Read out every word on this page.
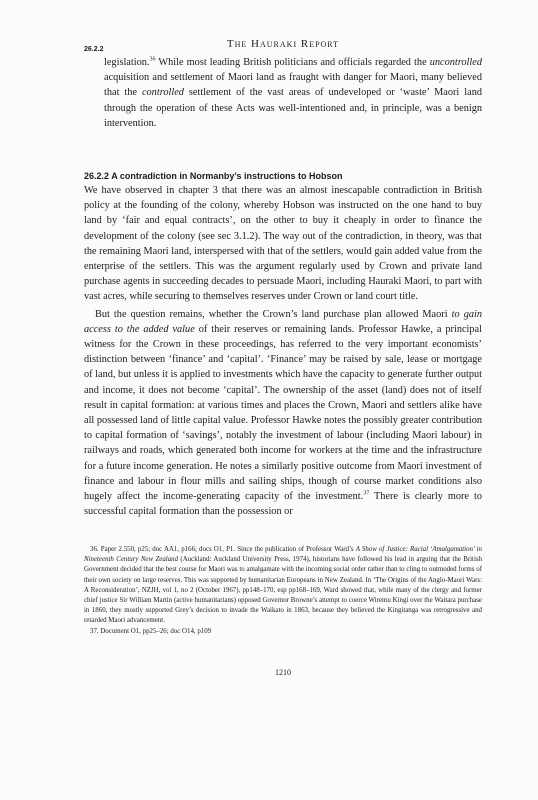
26.2.2	The Hauraki Report
legislation.$^{36}$ While most leading British politicians and officials regarded the uncontrolled acquisition and settlement of Maori land as fraught with danger for Maori, many believed that the controlled settlement of the vast areas of undeveloped or ‘waste’ Maori land through the operation of these Acts was well-intentioned and, in principle, was a benign intervention.
26.2.2 A contradiction in Normanby’s instructions to Hobson

We have observed in chapter 3 that there was an almost inescapable contradiction in British policy at the founding of the colony, whereby Hobson was instructed on the one hand to buy land by ‘fair and equal contracts’, on the other to buy it cheaply in order to finance the development of the colony (see sec 3.1.2). The way out of the contradiction, in theory, was that the remaining Maori land, interspersed with that of the settlers, would gain added value from the enterprise of the settlers. This was the argument regularly used by Crown and private land purchase agents in succeeding decades to persuade Maori, including Hauraki Maori, to part with vast acres, while securing to themselves reserves under Crown or land court title.

But the question remains, whether the Crown’s land purchase plan allowed Maori to gain access to the added value of their reserves or remaining lands. Professor Hawke, a principal witness for the Crown in these proceedings, has referred to the very important economists’ distinction between ‘finance’ and ‘capital’. ‘Finance’ may be raised by sale, lease or mortgage of land, but unless it is applied to investments which have the capacity to generate further output and income, it does not become ‘capital’. The ownership of the asset (land) does not of itself result in capital formation: at various times and places the Crown, Maori and settlers alike have all possessed land of little capital value. Professor Hawke notes the possibly greater contribution to capital formation of ‘savings’, notably the investment of labour (including Maori labour) in railways and roads, which generated both income for workers at the time and the infrastructure for a future income generation. He notes a similarly positive outcome from Maori investment of finance and labour in flour mills and sailing ships, though of course market conditions also hugely affect the income-generating capacity of the investment.$^{37}$ There is clearly more to successful capital formation than the possession or

36. Paper 2.550, p25; doc AA1, p166; docs O1, P1. Since the publication of Professor Ward’s A Show of Justice: Racial ‘Amalgamation’ in Nineteenth Century New Zealand (Auckland: Auckland University Press, 1974), historians have followed his lead in arguing that the British Government decided that the best course for Maori was to amalgamate with the incoming social order rather than to cling to outmoded forms of their own society on large reserves. This was supported by humanitarian Europeans in New Zealand. In ‘The Origins of the Anglo-Maori Wars: A Reconsideration’, NZJH, vol 1, no 2 (October 1967), pp148–170, esp pp168–169, Ward showed that, while many of the clergy and former chief justice Sir William Martin (active humanitarians) opposed Governor Browne’s attempt to coerce Wiremu Kingi over the Waitara purchase in 1860, they mostly supported Grey’s decision to invade the Waikato in 1863, because they believed the Kingitanga was retrogressive and retarded Maori advancement.

37. Document O1, pp25–26; doc O14, p109

1210
